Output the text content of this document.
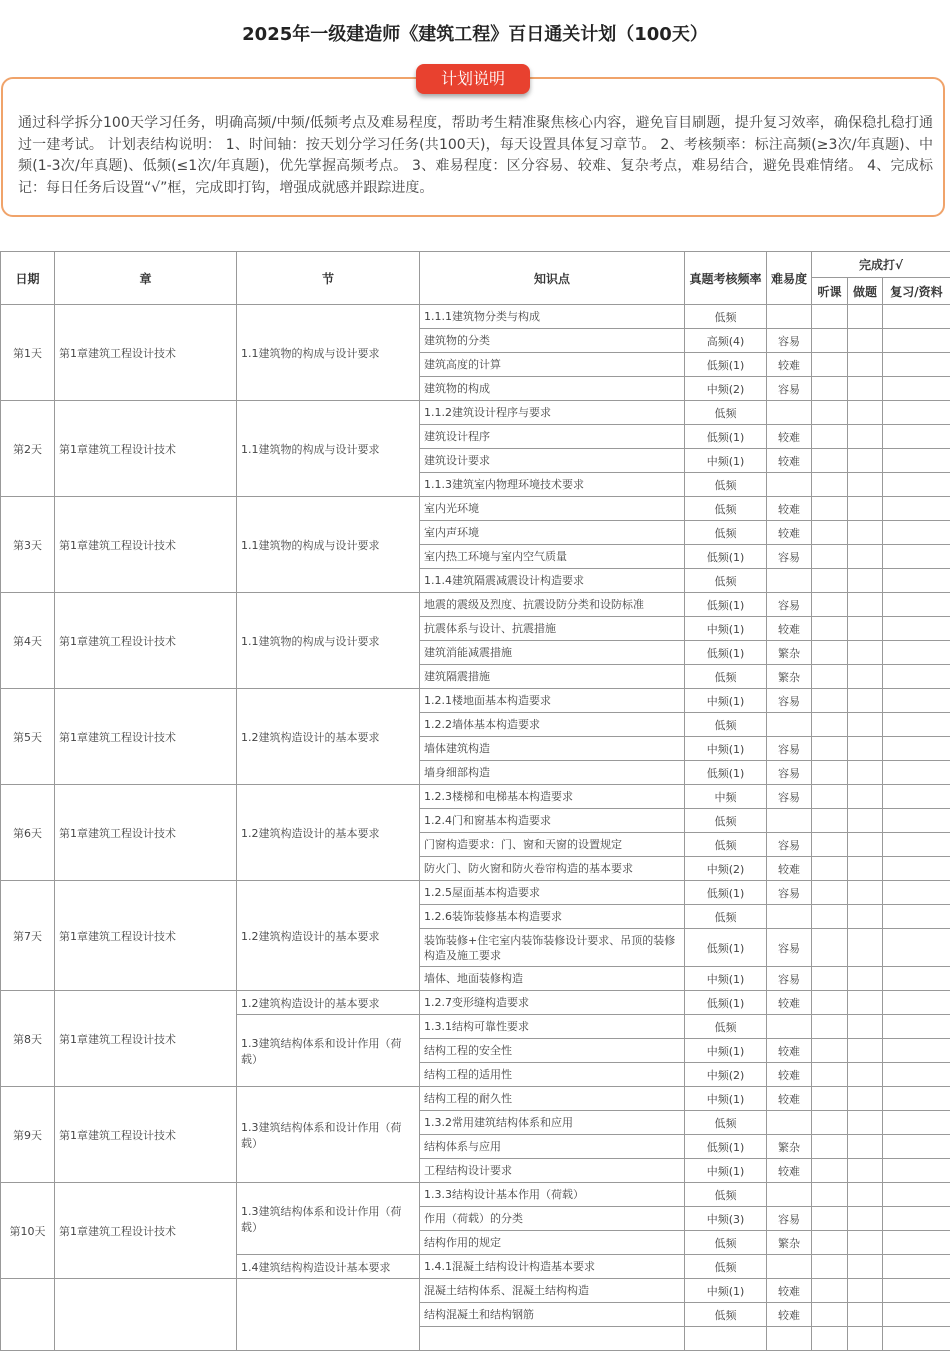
2025年一级建造师《建筑工程》百日通关计划（100天）
计划说明
通过科学拆分100天学习任务，明确高频/中频/低频考点及难易程度，帮助考生精准聚焦核心内容，避免盲目刷题，提升复习效率，确保稳扎稳打通过一建考试。 计划表结构说明： 1、时间轴：按天划分学习任务(共100天)，每天设置具体复习章节。 2、考核频率：标注高频(≥3次/年真题)、中频(1-3次/年真题)、低频(≤1次/年真题)，优先掌握高频考点。 3、难易程度：区分容易、较难、复杂考点，难易结合，避免畏难情绪。 4、完成标记：每日任务后设置“√”框，完成即打钩，增强成就感并跟踪进度。
日期	章	节	知识点	真题考核频率	难易度	完成打√		
						听课	做题	复习/资料
第1天	第1章建筑工程设计技术	1.1建筑物的构成与设计要求	1.1.1建筑物分类与构成	低频				
			建筑物的分类	高频(4)	容易			
			建筑高度的计算	低频(1)	较难			
			建筑物的构成	中频(2)	容易			
第2天	第1章建筑工程设计技术	1.1建筑物的构成与设计要求	1.1.2建筑设计程序与要求	低频				
			建筑设计程序	低频(1)	较难			
			建筑设计要求	中频(1)	较难			
			1.1.3建筑室内物理环境技术要求	低频				
第3天	第1章建筑工程设计技术	1.1建筑物的构成与设计要求	室内光环境	低频	较难			
			室内声环境	低频	较难			
			室内热工环境与室内空气质量	低频(1)	容易			
			1.1.4建筑隔震减震设计构造要求	低频				
第4天	第1章建筑工程设计技术	1.1建筑物的构成与设计要求	地震的震级及烈度、抗震设防分类和设防标准	低频(1)	容易			
			抗震体系与设计、抗震措施	中频(1)	较难			
			建筑消能减震措施	低频(1)	繁杂			
			建筑隔震措施	低频	繁杂			
第5天	第1章建筑工程设计技术	1.2建筑构造设计的基本要求	1.2.1楼地面基本构造要求	中频(1)	容易			
			1.2.2墙体基本构造要求	低频				
			墙体建筑构造	中频(1)	容易			
			墙身细部构造	低频(1)	容易			
第6天	第1章建筑工程设计技术	1.2建筑构造设计的基本要求	1.2.3楼梯和电梯基本构造要求	中频	容易			
			1.2.4门和窗基本构造要求	低频				
			门窗构造要求：门、窗和天窗的设置规定	低频	容易			
			防火门、防火窗和防火卷帘构造的基本要求	中频(2)	较难			
第7天	第1章建筑工程设计技术	1.2建筑构造设计的基本要求	1.2.5屋面基本构造要求	低频(1)	容易			
			1.2.6装饰装修基本构造要求	低频				
			装饰装修+住宅室内装饰装修设计要求、吊顶的装修构造及施工要求	低频(1)	容易			
			墙体、地面装修构造	中频(1)	容易			
第8天	第1章建筑工程设计技术	1.2建筑构造设计的基本要求	1.2.7变形缝构造要求	低频(1)	较难			
		1.3建筑结构体系和设计作用（荷载）	1.3.1结构可靠性要求	低频				
			结构工程的安全性	中频(1)	较难			
			结构工程的适用性	中频(2)	较难			
第9天	第1章建筑工程设计技术	1.3建筑结构体系和设计作用（荷载）	结构工程的耐久性	中频(1)	较难			
			1.3.2常用建筑结构体系和应用	低频				
			结构体系与应用	低频(1)	繁杂			
			工程结构设计要求	中频(1)	较难			
第10天	第1章建筑工程设计技术	1.3建筑结构体系和设计作用（荷载）	1.3.3结构设计基本作用（荷载）	低频				
			作用（荷载）的分类	中频(3)	容易			
			结构作用的规定	低频	繁杂			
		1.4建筑结构构造设计基本要求	1.4.1混凝土结构设计构造基本要求	低频				
			混凝土结构体系、混凝土结构构造	中频(1)	较难			
			结构混凝土和结构钢筋	低频	较难			
